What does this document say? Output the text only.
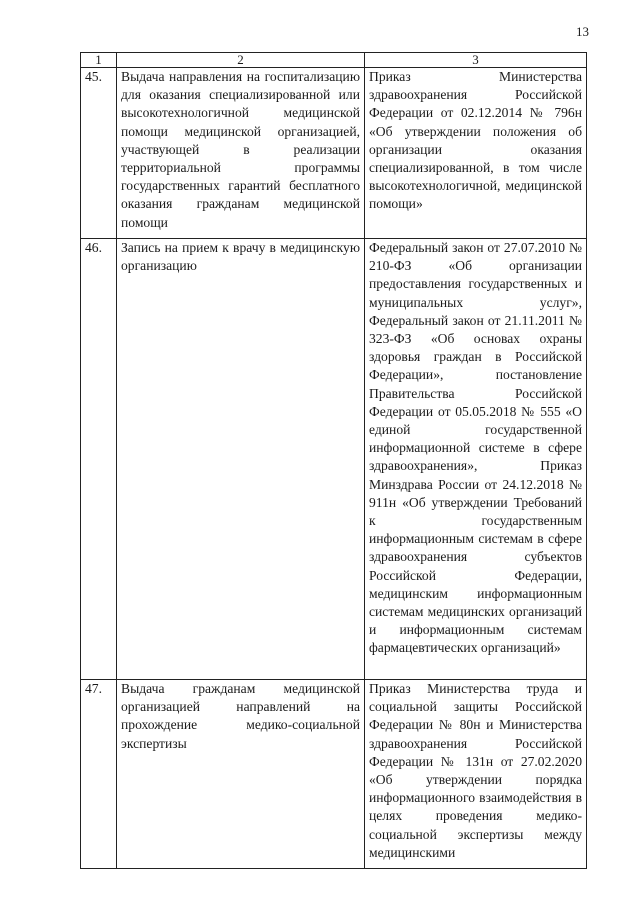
13
1	2	3
45.	Выдача направления на госпитализацию для оказания специализированной или высокотехнологичной медицинской помощи медицинской организацией, участвующей в реализации территориальной программы государственных гарантий бесплатного оказания гражданам медицинской помощи	Приказ Министерства здравоохранения Российской Федерации от 02.12.2014 № 796н «Об утверждении положения об организации оказания специализированной, в том числе высокотехнологичной, медицинской помощи»
46.	Запись на прием к врачу в медицинскую организацию	Федеральный закон от 27.07.2010 № 210-ФЗ «Об организации предоставления государственных и муниципальных услуг», Федеральный закон от 21.11.2011 № 323-ФЗ «Об основах охраны здоровья граждан в Российской Федерации», постановление Правительства Российской Федерации от 05.05.2018 № 555 «О единой государственной информационной системе в сфере здравоохранения», Приказ Минздрава России от 24.12.2018 № 911н «Об утверждении Требований к государственным информационным системам в сфере здравоохранения субъектов Российской Федерации, медицинским информационным системам медицинских организаций и информационным системам фармацевтических организаций»
47.	Выдача гражданам медицинской организацией направлений на прохождение медико-социальной экспертизы	Приказ Министерства труда и социальной защиты Российской Федерации № 80н и Министерства здравоохранения Российской Федерации № 131н от 27.02.2020 «Об утверждении порядка информационного взаимодействия в целях проведения медико-социальной экспертизы между медицинскими
